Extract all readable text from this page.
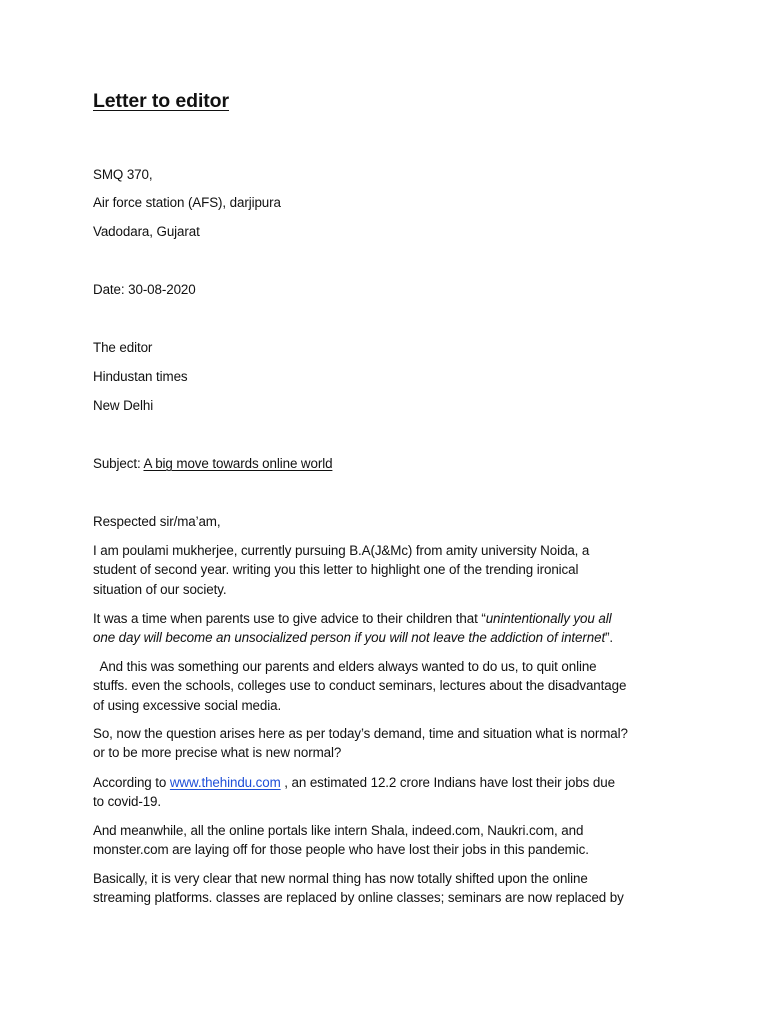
Letter to editor
SMQ 370,
Air force station (AFS), darjipura
Vadodara, Gujarat
Date: 30-08-2020
The editor
Hindustan times
New Delhi
Subject: A big move towards online world
Respected sir/ma’am,
I am poulami mukherjee, currently pursuing B.A(J&Mc) from amity university Noida, a
student of second year. writing you this letter to highlight one of the trending ironical
situation of our society.
It was a time when parents use to give advice to their children that “unintentionally you all
one day will become an unsocialized person if you will not leave the addiction of internet”.
And this was something our parents and elders always wanted to do us, to quit online
stuffs. even the schools, colleges use to conduct seminars, lectures about the disadvantage
of using excessive social media.
So, now the question arises here as per today’s demand, time and situation what is normal?
or to be more precise what is new normal?
According to www.thehindu.com , an estimated 12.2 crore Indians have lost their jobs due
to covid-19.
And meanwhile, all the online portals like intern Shala, indeed.com, Naukri.com, and
monster.com are laying off for those people who have lost their jobs in this pandemic.
Basically, it is very clear that new normal thing has now totally shifted upon the online
streaming platforms. classes are replaced by online classes; seminars are now replaced by
